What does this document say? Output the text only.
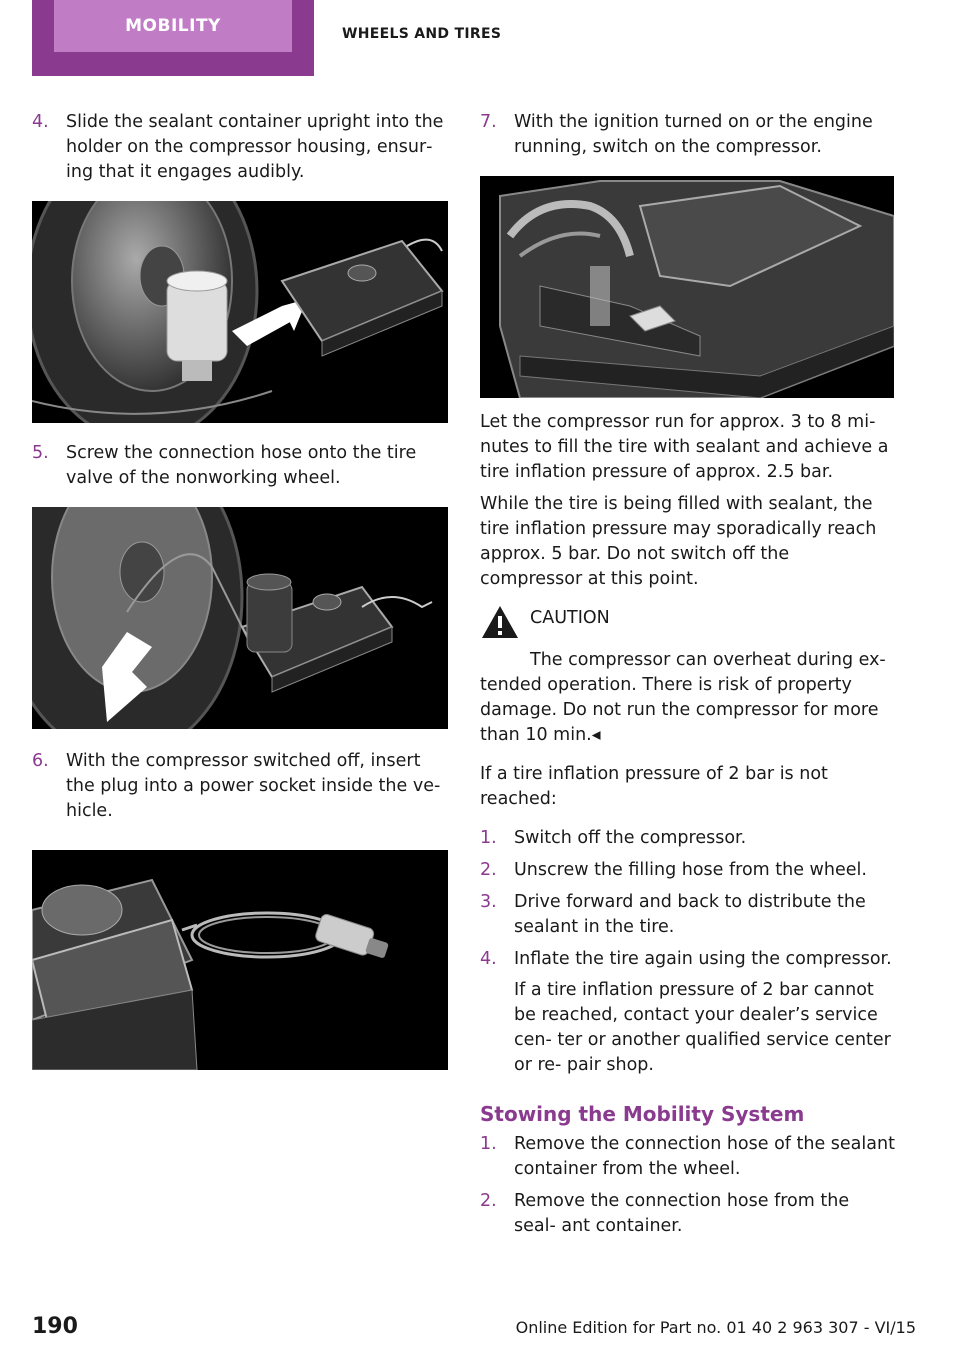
MOBILITY	WHEELS AND TIRES
4. Slide the sealant container upright into the holder on the compressor housing, ensur‐ ing that it engages audibly.
5. Screw the connection hose onto the tire valve of the nonworking wheel.
6. With the compressor switched off, insert the plug into a power socket inside the ve‐ hicle.
7. With the ignition turned on or the engine running, switch on the compressor.

Let the compressor run for approx. 3 to 8 mi‐ nutes to fill the tire with sealant and achieve a tire inflation pressure of approx. 2.5 bar.

While the tire is being filled with sealant, the tire inflation pressure may sporadically reach approx. 5 bar. Do not switch off the compressor at this point.

CAUTION

The compressor can overheat during ex‐ tended operation. There is risk of property damage. Do not run the compressor for more than 10 min.◂

If a tire inflation pressure of 2 bar is not reached:

1. Switch off the compressor.
2. Unscrew the filling hose from the wheel.
3. Drive forward and back to distribute the sealant in the tire.
4. Inflate the tire again using the compressor.
If a tire inflation pressure of 2 bar cannot be reached, contact your dealer’s service cen‐ ter or another qualified service center or re‐ pair shop.
Stowing the Mobility System
1. Remove the connection hose of the sealant container from the wheel.
2. Remove the connection hose from the seal‐ ant container.
190	Online Edition for Part no. 01 40 2 963 307 - VI/15
